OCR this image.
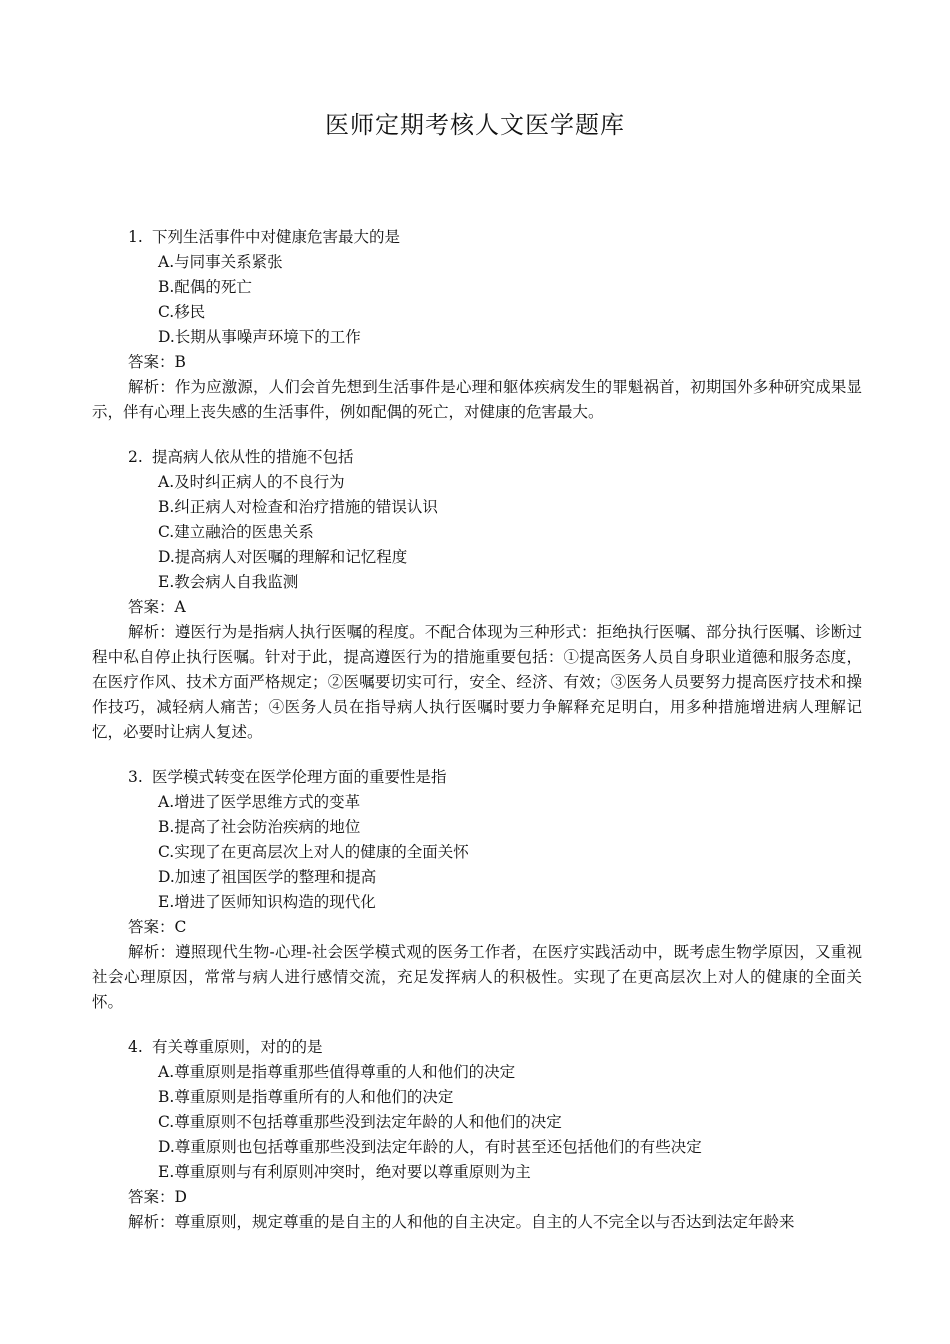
医师定期考核人文医学题库
1. 下列生活事件中对健康危害最大的是
A.与同事关系紧张
B.配偶的死亡
C.移民
D.长期从事噪声环境下的工作
答案：B
解析：作为应激源，人们会首先想到生活事件是心理和躯体疾病发生的罪魁祸首，初期国外多种研究成果显示，伴有心理上丧失感的生活事件，例如配偶的死亡，对健康的危害最大。
2. 提高病人依从性的措施不包括
A.及时纠正病人的不良行为
B.纠正病人对检查和治疗措施的错误认识
C.建立融洽的医患关系
D.提高病人对医嘱的理解和记忆程度
E.教会病人自我监测
答案：A
解析：遵医行为是指病人执行医嘱的程度。不配合体现为三种形式：拒绝执行医嘱、部分执行医嘱、诊断过程中私自停止执行医嘱。针对于此，提高遵医行为的措施重要包括：①提高医务人员自身职业道德和服务态度，在医疗作风、技术方面严格规定；②医嘱要切实可行，安全、经济、有效；③医务人员要努力提高医疗技术和操作技巧，减轻病人痛苦；④医务人员在指导病人执行医嘱时要力争解释充足明白，用多种措施增进病人理解记忆，必要时让病人复述。
3. 医学模式转变在医学伦理方面的重要性是指
A.增进了医学思维方式的变革
B.提高了社会防治疾病的地位
C.实现了在更高层次上对人的健康的全面关怀
D.加速了祖国医学的整理和提高
E.增进了医师知识构造的现代化
答案：C
解析：遵照现代生物-心理-社会医学模式观的医务工作者，在医疗实践活动中，既考虑生物学原因，又重视社会心理原因，常常与病人进行感情交流，充足发挥病人的积极性。实现了在更高层次上对人的健康的全面关怀。
4. 有关尊重原则，对的的是
A.尊重原则是指尊重那些值得尊重的人和他们的决定
B.尊重原则是指尊重所有的人和他们的决定
C.尊重原则不包括尊重那些没到法定年龄的人和他们的决定
D.尊重原则也包括尊重那些没到法定年龄的人，有时甚至还包括他们的有些决定
E.尊重原则与有利原则冲突时，绝对要以尊重原则为主
答案：D
解析：尊重原则，规定尊重的是自主的人和他的自主决定。自主的人不完全以与否达到法定年龄来
